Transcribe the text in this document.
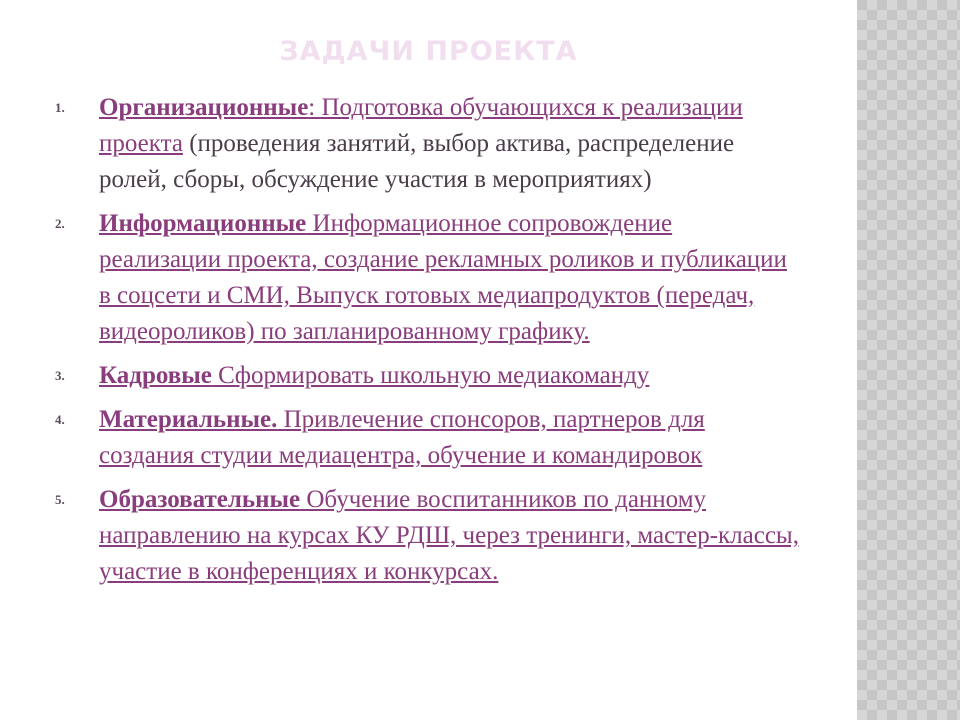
ЗАДАЧИ ПРОЕКТА
1.	Организационные: Подготовка обучающихся к реализации проекта (проведения занятий, выбор актива, распределение ролей, сборы, обсуждение участия в мероприятиях)
2.	Информационные Информационное сопровождение реализации проекта, создание рекламных роликов и публикации в соцсети и СМИ, Выпуск готовых медиапродуктов (передач, видеороликов) по запланированному графику.
3.	Кадровые Сформировать школьную медиакоманду
4.	Материальные. Привлечение спонсоров, партнеров для создания студии медиацентра, обучение и командировок
5.	Образовательные Обучение воспитанников по данному направлению на курсах КУ РДШ, через тренинги, мастер-классы, участие в конференциях и конкурсах.
